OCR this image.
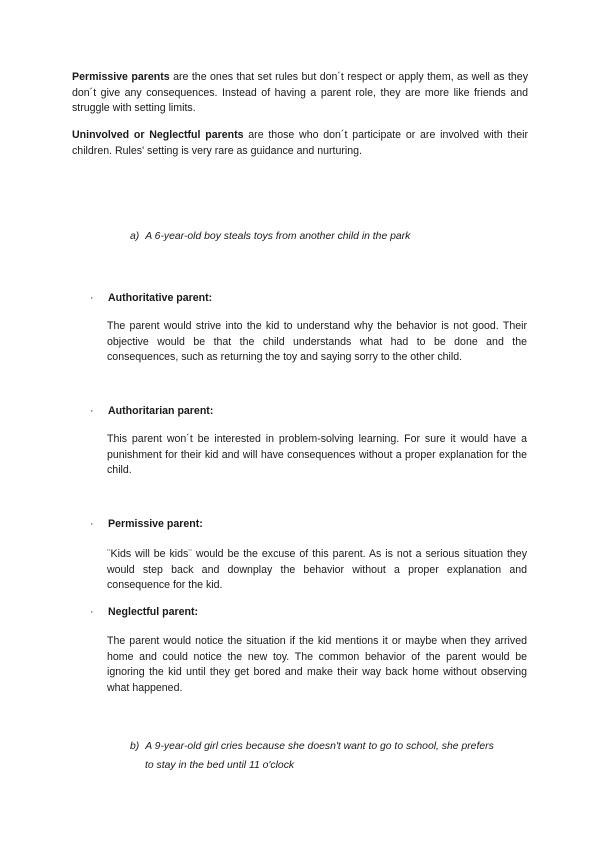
Permissive parents are the ones that set rules but don´t respect or apply them, as well as they don´t give any consequences. Instead of having a parent role, they are more like friends and struggle with setting limits.

Uninvolved or Neglectful parents are those who don´t participate or are involved with their children. Rules' setting is very rare as guidance and nurturing.

a) A 6-year-old boy steals toys from another child in the park

· Authoritative parent:

The parent would strive into the kid to understand why the behavior is not good. Their objective would be that the child understands what had to be done and the consequences, such as returning the toy and saying sorry to the other child.

· Authoritarian parent:

This parent won´t be interested in problem-solving learning. For sure it would have a punishment for their kid and will have consequences without a proper explanation for the child.

· Permissive parent:

¨Kids will be kids¨ would be the excuse of this parent. As is not a serious situation they would step back and downplay the behavior without a proper explanation and consequence for the kid.

· Neglectful parent:

The parent would notice the situation if the kid mentions it or maybe when they arrived home and could notice the new toy. The common behavior of the parent would be ignoring the kid until they get bored and make their way back home without observing what happened.

b) A 9-year-old girl cries because she doesn't want to go to school, she prefers

to stay in the bed until 11 o'clock
